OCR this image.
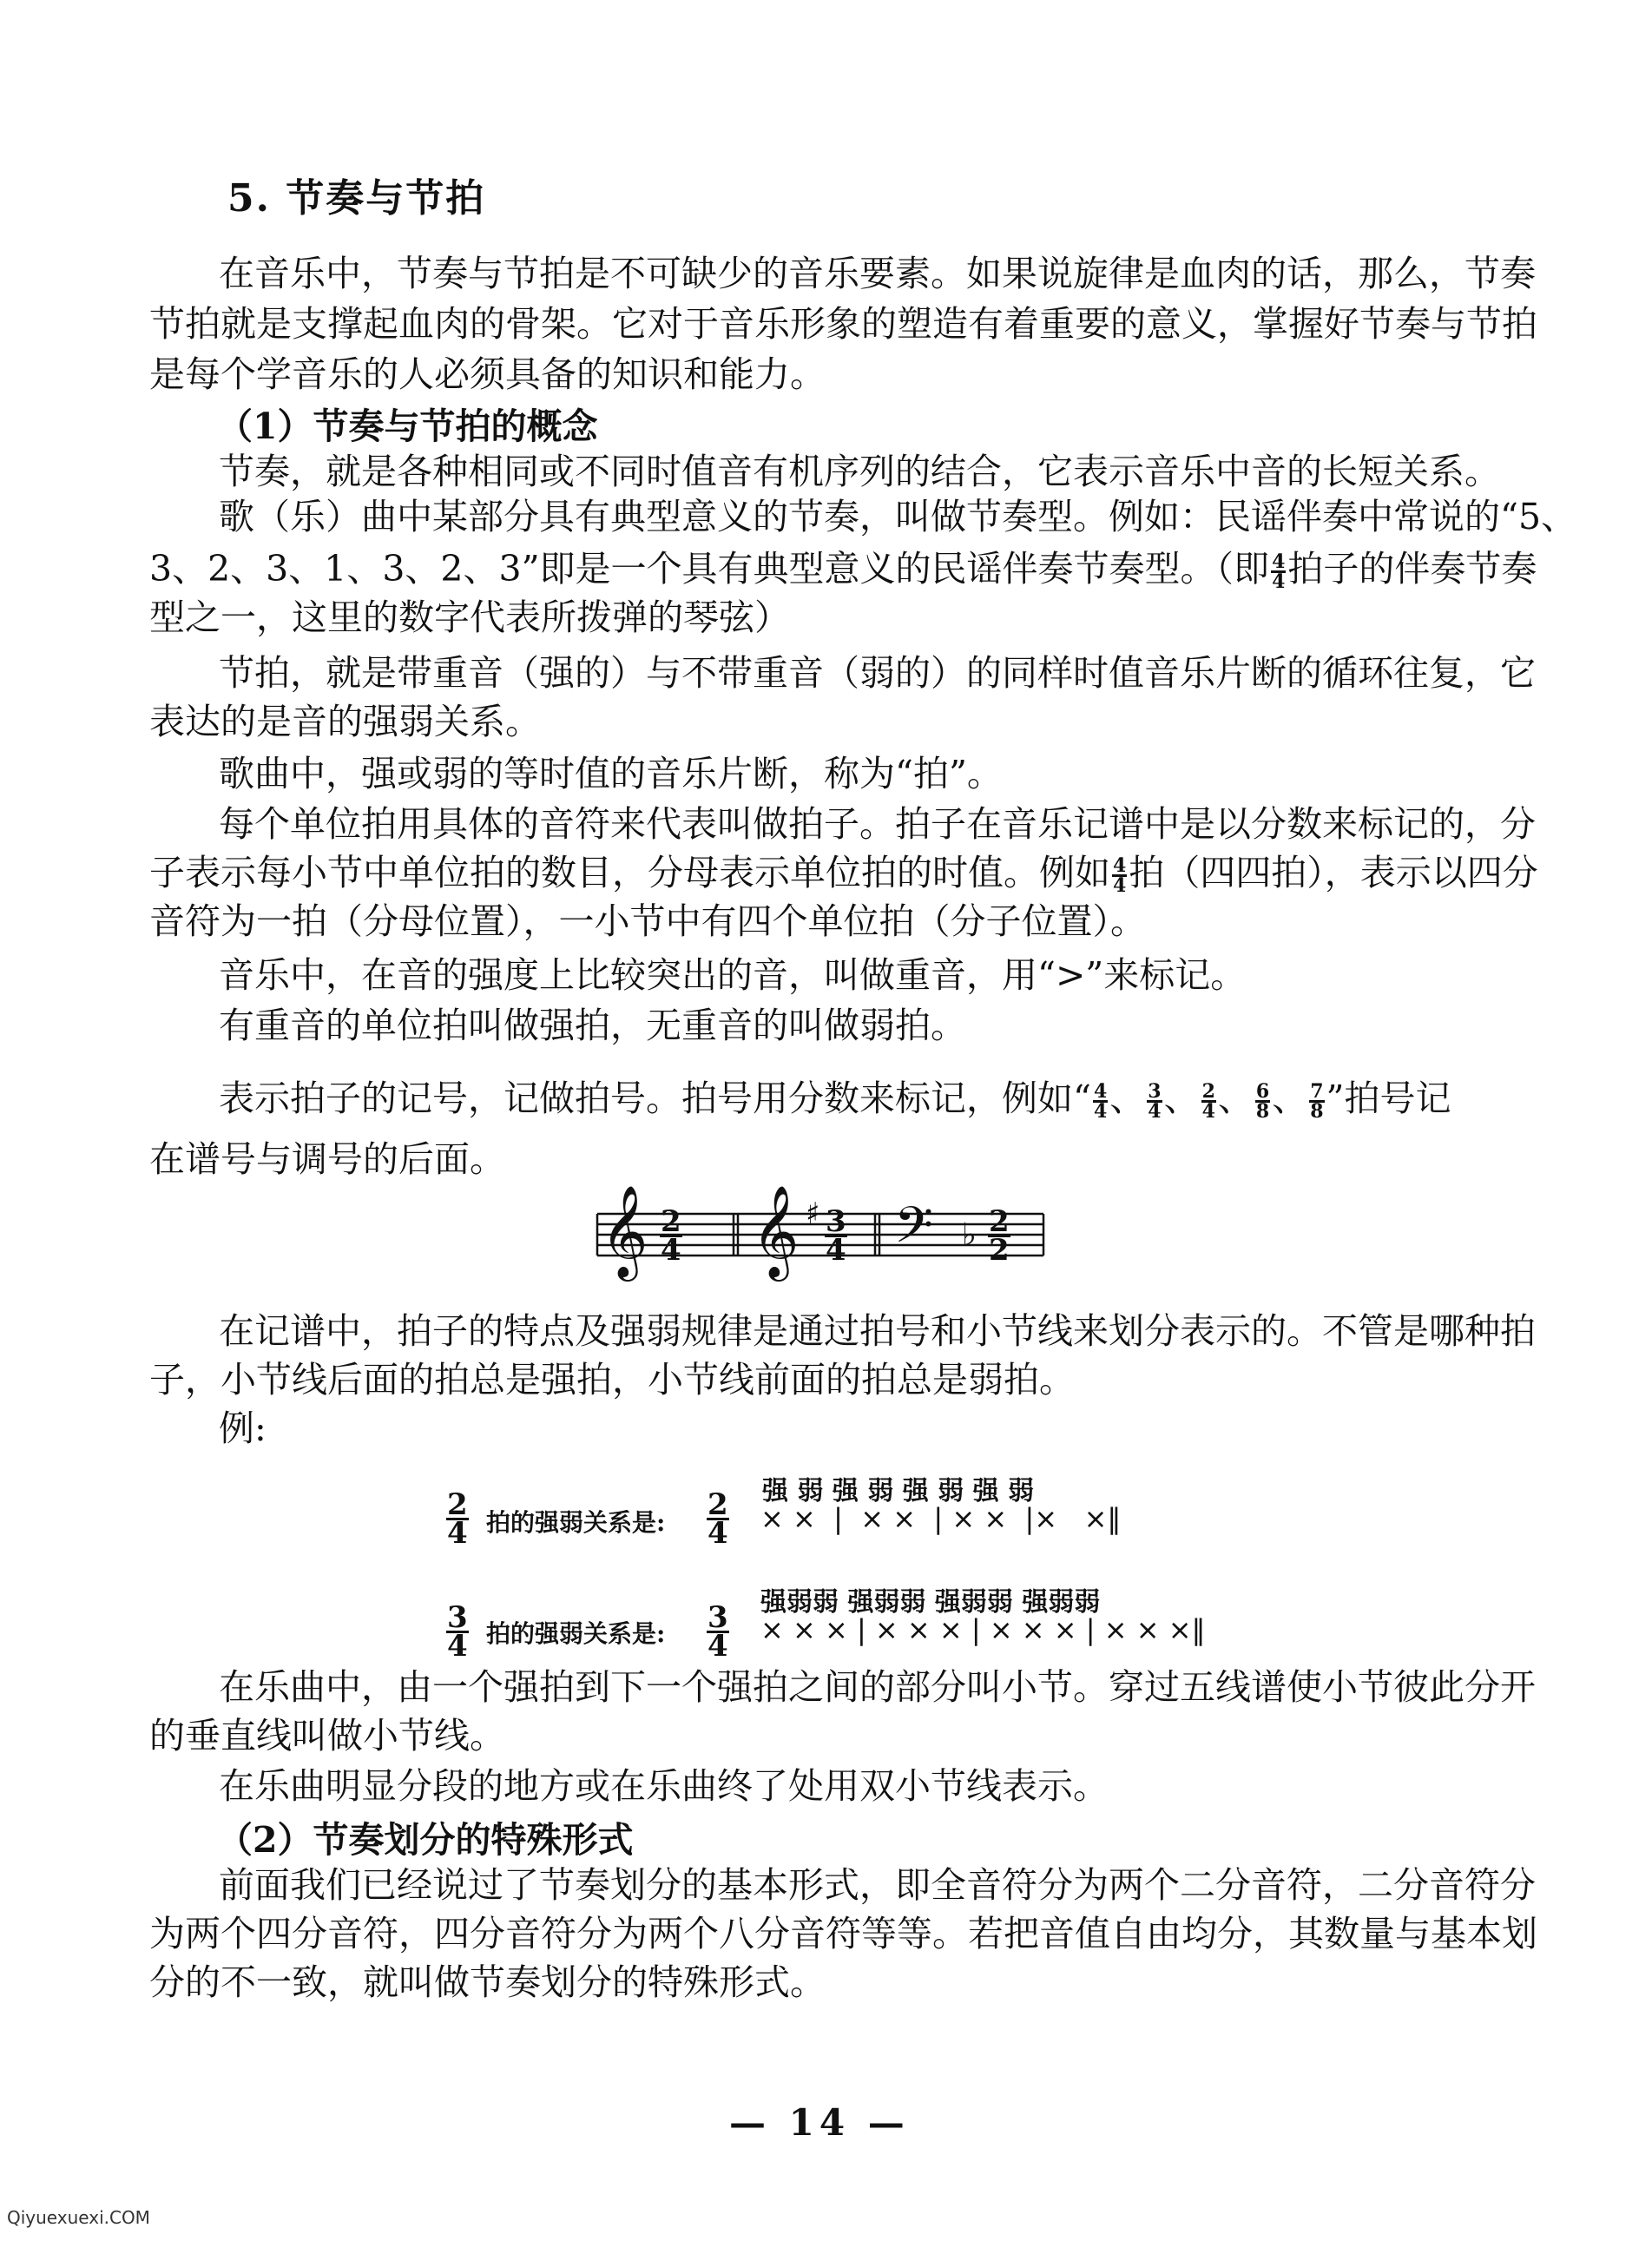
5. 节奏与节拍
在音乐中，节奏与节拍是不可缺少的音乐要素。如果说旋律是血肉的话，那么，节奏
节拍就是支撑起血肉的骨架。它对于音乐形象的塑造有着重要的意义，掌握好节奏与节拍
是每个学音乐的人必须具备的知识和能力。
（1）节奏与节拍的概念
节奏，就是各种相同或不同时值音有机序列的结合，它表示音乐中音的长短关系。
歌（乐）曲中某部分具有典型意义的节奏，叫做节奏型。例如：民谣伴奏中常说的“5、
3、2、3、1、3、2、3”即是一个具有典型意义的民谣伴奏节奏型。（即 $\frac{4}{4}$ 拍子的伴奏节奏
型之一，这里的数字代表所拨弹的琴弦）
节拍，就是带重音（强的）与不带重音（弱的）的同样时值音乐片断的循环往复，它
表达的是音的强弱关系。
歌曲中，强或弱的等时值的音乐片断，称为“拍”。
每个单位拍用具体的音符来代表叫做拍子。拍子在音乐记谱中是以分数来标记的，分
子表示每小节中单位拍的数目，分母表示单位拍的时值。例如 $\frac{4}{4}$ 拍（四四拍），表示以四分
音符为一拍（分母位置），一小节中有四个单位拍（分子位置）。
音乐中，在音的强度上比较突出的音，叫做重音，用“>”来标记。
有重音的单位拍叫做强拍，无重音的叫做弱拍。
表示拍子的记号，记做拍号。拍号用分数来标记，例如“ $\frac{4}{4}$ 、 $\frac{3}{4}$ 、 $\frac{2}{4}$ 、 $\frac{6}{8}$ 、 $\frac{7}{8}$ ”拍号记
在谱号与调号的后面。
𝄞 $\frac{2}{4}$ 𝄞 ♯ $\frac{3}{4}$ 𝄢 ♭ $\frac{2}{2}$
在记谱中，拍子的特点及强弱规律是通过拍号和小节线来划分表示的。不管是哪种拍
子，小节线后面的拍总是强拍，小节线前面的拍总是弱拍。
例:
强 弱 强 弱 强 弱 强 弱
$\frac{2}{4}$ 拍的强弱关系是: $\frac{2}{4}$ × ×  |  × ×  | × ×  |×   ×‖
强弱弱 强弱弱 强弱弱 强弱弱
$\frac{3}{4}$ 拍的强弱关系是: $\frac{3}{4}$ × × × | × × × | × × × | × × ×‖
在乐曲中，由一个强拍到下一个强拍之间的部分叫小节。穿过五线谱使小节彼此分开
的垂直线叫做小节线。
在乐曲明显分段的地方或在乐曲终了处用双小节线表示。
（2）节奏划分的特殊形式
前面我们已经说过了节奏划分的基本形式，即全音符分为两个二分音符，二分音符分
为两个四分音符，四分音符分为两个八分音符等等。若把音值自由均分，其数量与基本划
分的不一致，就叫做节奏划分的特殊形式。
— 14 —
Qiyuexuexi.COM
